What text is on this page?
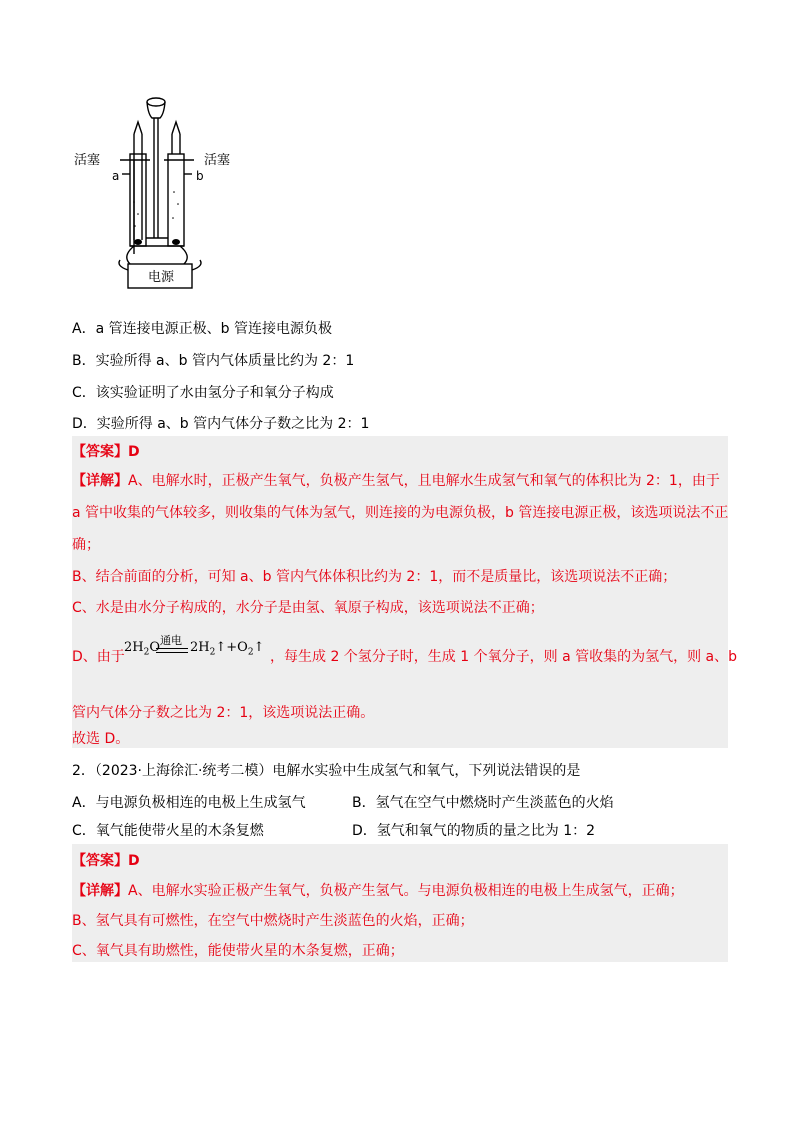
活塞	活塞
a	b
电源
A．a 管连接电源正极、b 管连接电源负极
B．实验所得 a、b 管内气体质量比约为 2：1
C．该实验证明了水由氢分子和氧分子构成
D．实验所得 a、b 管内气体分子数之比为 2：1
【答案】D
【详解】A、电解水时，正极产生氧气，负极产生氢气，且电解水生成氢气和氧气的体积比为 2：1，由于
a 管中收集的气体较多，则收集的气体为氢气，则连接的为电源负极，b 管连接电源正极，该选项说法不正
确；
B、结合前面的分析，可知 a、b 管内气体体积比约为 2：1，而不是质量比，该选项说法不正确；
C、水是由水分子构成的，水分子是由氢、氧原子构成，该选项说法不正确；
D、由于
通电
$2H_2O$ $2H_2↑+O_2↑$
，每生成 2 个氢分子时，生成 1 个氧分子，则 a 管收集的为氢气，则 a、b
管内气体分子数之比为 2：1，该选项说法正确。
故选 D。
2．（2023·上海徐汇·统考二模）电解水实验中生成氢气和氧气，下列说法错误的是
A．与电源负极相连的电极上生成氢气	B．氢气在空气中燃烧时产生淡蓝色的火焰
C．氧气能使带火星的木条复燃	D．氢气和氧气的物质的量之比为 1：2
【答案】D
【详解】A、电解水实验正极产生氧气，负极产生氢气。与电源负极相连的电极上生成氢气，正确；
B、氢气具有可燃性，在空气中燃烧时产生淡蓝色的火焰，正确；
C、氧气具有助燃性，能使带火星的木条复燃，正确；
